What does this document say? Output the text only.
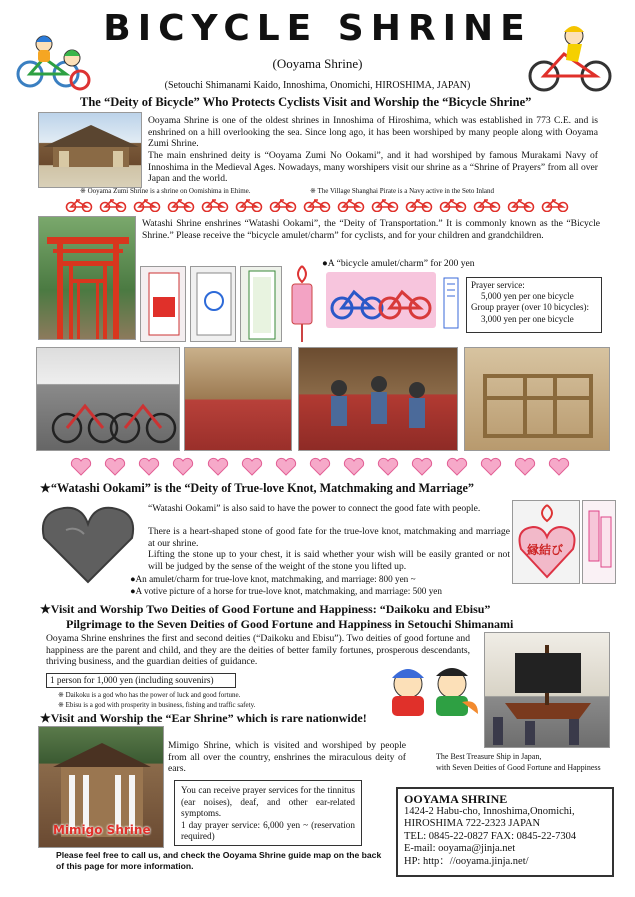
BICYCLE SHRINE
(Ooyama Shrine)
(Setouchi Shimanami Kaido, Innoshima, Onomichi, HIROSHIMA, JAPAN)
The “Deity of Bicycle” Who Protects Cyclists Visit and Worship the “Bicycle Shrine”
Ooyama Shrine is one of the oldest shrines in Innoshima of Hiroshima, which was established in 773 C.E. and is enshrined on a hill overlooking the sea. Since long ago, it has been worshiped by many people along with Ooyama Zumi Shrine.
The main enshrined deity is “Ooyama Zumi No Ookami”, and it had worshiped by famous Murakami Navy of Innoshima in the Medieval Ages. Nowadays, many worshipers visit our shrine as a “Shrine of Prayers” from all over Japan and the world.
※ Ooyama Zumi Shrine is a shrine on Oomishima in Ehime.	※ The Village Shanghai Pirate is a Navy active in the Seto Inland
Watashi Shrine enshrines “Watashi Ookami”, the “Deity of Transportation.” It is commonly known as the “Bicycle Shrine.” Please receive the “bicycle amulet/charm” for cyclists, and for your children and grandchildren.
●A “bicycle amulet/charm” for 200 yen
Prayer service:
5,000 yen per one bicycle
Group prayer (over 10 bicycles):
3,000 yen per one bicycle
★“Watashi Ookami” is the “Deity of True-love Knot, Matchmaking and Marriage”
“Watashi Ookami” is also said to have the power to connect the good fate with people.
There is a heart-shaped stone of good fate for the true-love knot, matchmaking and marriage at our shrine.
Lifting the stone up to your chest, it is said whether your wish will be easily granted or not will be judged by the sense of the weight of the stone you lifted up.
●An amulet/charm for true-love knot, matchmaking, and marriage: 800 yen ~
●A votive picture of a horse for true-love knot, matchmaking, and marriage: 500 yen
縁結び
★Visit and Worship Two Deities of Good Fortune and Happiness: “Daikoku and Ebisu”
Pilgrimage to the Seven Deities of Good Fortune and Happiness in Setouchi Shimanami
Ooyama Shrine enshrines the first and second deities (“Daikoku and Ebisu”). Two deities of good fortune and happiness are the parent and child, and they are the deities of better family fortunes, prosperous descendants, thriving business, and the guardian deities of guidance.
1 person for 1,000 yen (including souvenirs)
※ Daikoku is a god who has the power of luck and good fortune.
※ Ebisu is a god with prosperity in business, fishing and traffic safety.
The Best Treasure Ship in Japan,
with Seven Deities of Good Fortune and Happiness
★Visit and Worship the “Ear Shrine” which is rare nationwide!
Mimigo Shrine
Mimigo Shrine, which is visited and worshiped by people from all over the country, enshrines the miraculous deity of ears.
You can receive prayer services for the tinnitus (ear noises), deaf, and other ear-related symptoms.
1 day prayer service: 6,000 yen ~ (reservation required)
OOYAMA SHRINE
1424-2 Habu-cho, Innoshima,Onomichi,
HIROSHIMA 722-2323 JAPAN
TEL: 0845-22-0827 FAX: 0845-22-7304
E-mail: ooyama@jinja.net
HP: http：//ooyama.jinja.net/
Please feel free to call us, and check the Ooyama Shrine guide map on the back of this page for more information.
